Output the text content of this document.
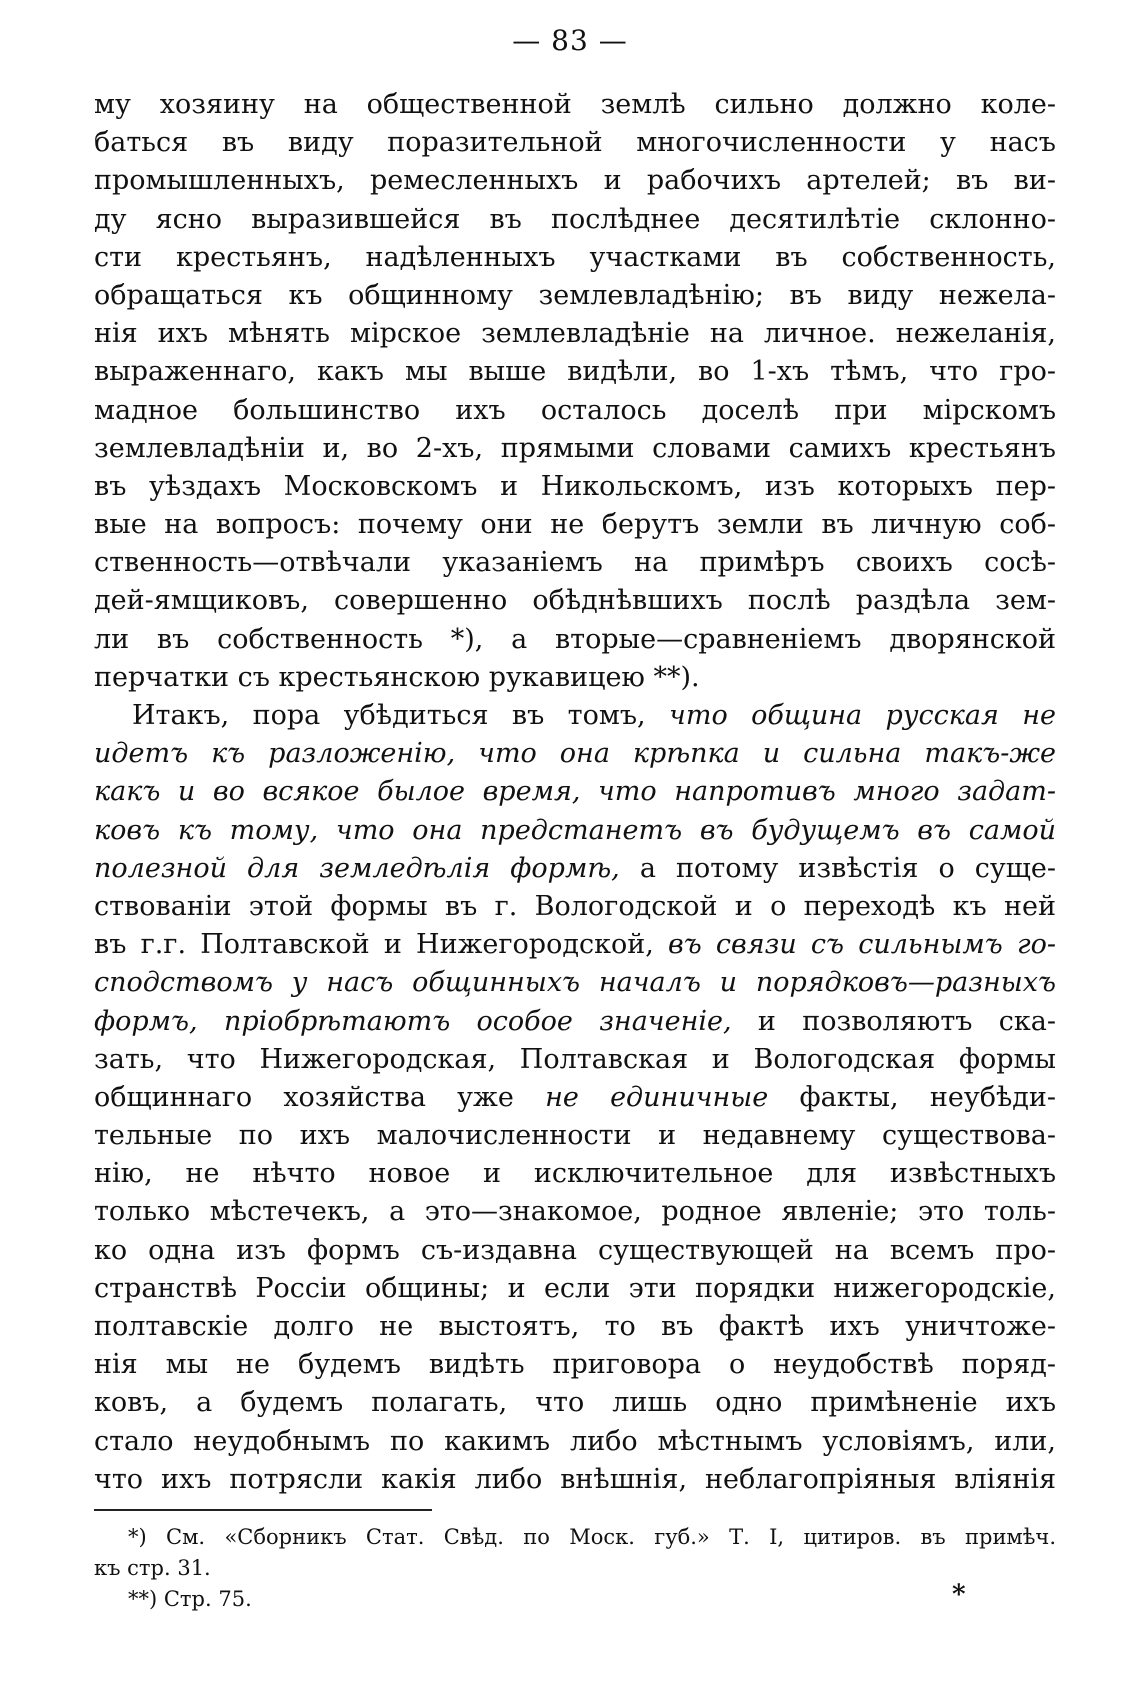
— 83 —
му хозяину на общественной землѣ сильно должно коле-
баться въ виду поразительной многочисленности у насъ
промышленныхъ, ремесленныхъ и рабочихъ артелей; въ ви-
ду ясно выразившейся въ послѣднее десятилѣтіе склонно-
сти крестьянъ, надѣленныхъ участками въ собственность,
обращаться къ общинному землевладѣнію; въ виду нежела-
нія ихъ мѣнять мірское землевладѣніе на личное. нежеланія,
выраженнаго, какъ мы выше видѣли, во 1-хъ тѣмъ, что гро-
мадное большинство ихъ осталось доселѣ при мірскомъ
землевладѣніи и, во 2-хъ, прямыми словами самихъ крестьянъ
въ уѣздахъ Московскомъ и Никольскомъ, изъ которыхъ пер-
вые на вопросъ: почему они не берутъ земли въ личную соб-
ственность—отвѣчали указаніемъ на примѣръ своихъ сосѣ-
дей-ямщиковъ, совершенно обѣднѣвшихъ послѣ раздѣла зем-
ли въ собственность *), а вторые—сравненіемъ дворянской
перчатки съ крестьянскою рукавицею **).
Итакъ, пора убѣдиться въ томъ, что община русская не
идетъ къ разложенію, что она крѣпка и сильна такъ-же
какъ и во всякое былое время, что напротивъ много задат-
ковъ къ тому, что она предстанетъ въ будущемъ въ самой
полезной для земледѣлія формѣ, а потому извѣстія о суще-
ствованіи этой формы въ г. Вологодской и о переходѣ къ ней
въ г.г. Полтавской и Нижегородской, въ связи съ сильнымъ го-
сподствомъ у насъ общинныхъ началъ и порядковъ—разныхъ
формъ, пріобрѣтаютъ особое значеніе, и позволяютъ ска-
зать, что Нижегородская, Полтавская и Вологодская формы
общиннаго хозяйства уже не единичные факты, неубѣди-
тельные по ихъ малочисленности и недавнему существова-
нію, не нѣчто новое и исключительное для извѣстныхъ
только мѣстечекъ, а это—знакомое, родное явленіе; это толь-
ко одна изъ формъ съ-издавна существующей на всемъ про-
странствѣ Россіи общины; и если эти порядки нижегородскіе,
полтавскіе долго не выстоятъ, то въ фактѣ ихъ уничтоже-
нія мы не будемъ видѣть приговора о неудобствѣ поряд-
ковъ, а будемъ полагать, что лишь одно примѣненіе ихъ
стало неудобнымъ по какимъ либо мѣстнымъ условіямъ, или,
что ихъ потрясли какія либо внѣшнія, неблагопріяныя вліянія
*) См. «Сборникъ Стат. Свѣд. по Моск. губ.» Т. I, цитиров. въ примѣч.
къ стр. 31.
**) Стр. 75.	*
